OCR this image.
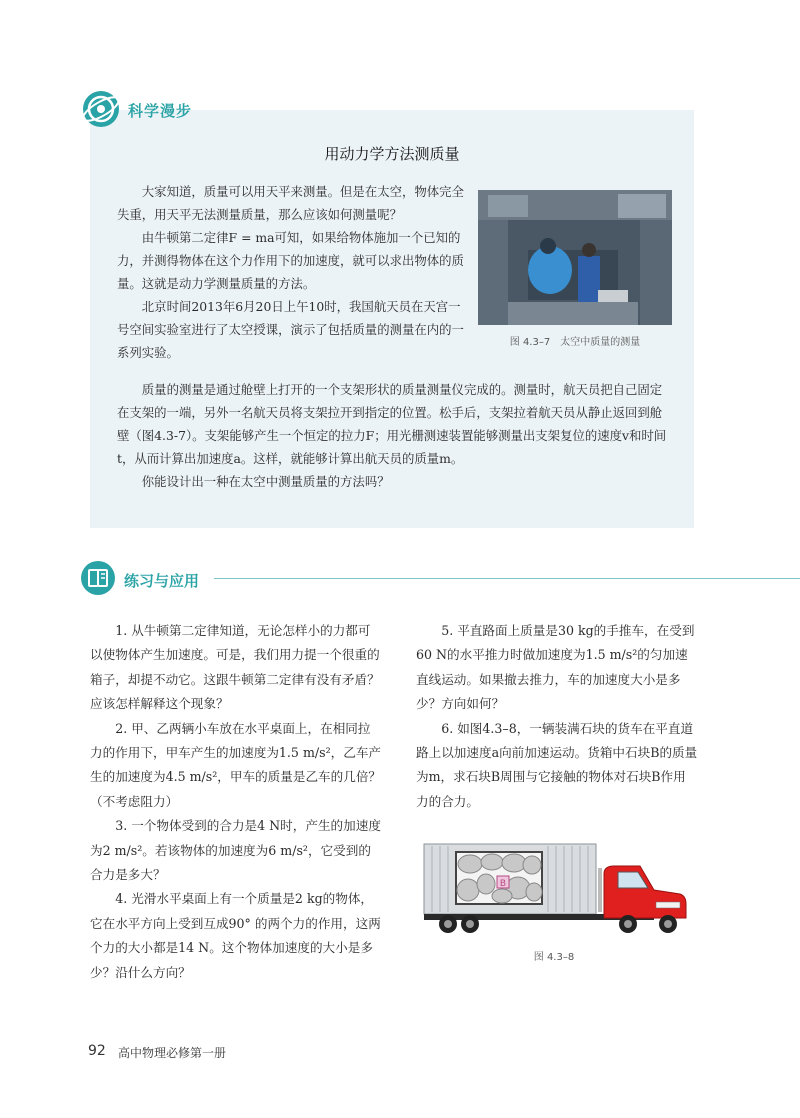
科学漫步
用动力学方法测质量

大家知道，质量可以用天平来测量。但是在太空，物体完全失重，用天平无法测量质量，那么应该如何测量呢？

由牛顿第二定律F = ma可知，如果给物体施加一个已知的力，并测得物体在这个力作用下的加速度，就可以求出物体的质量。这就是动力学测量质量的方法。

北京时间2013年6月20日上午10时，我国航天员在天宫一号空间实验室进行了太空授课，演示了包括质量的测量在内的一系列实验。

图 4.3–7　太空中质量的测量

质量的测量是通过舱壁上打开的一个支架形状的质量测量仪完成的。测量时，航天员把自己固定在支架的一端，另外一名航天员将支架拉开到指定的位置。松手后，支架拉着航天员从静止返回到舱壁（图4.3-7）。支架能够产生一个恒定的拉力F；用光栅测速装置能够测量出支架复位的速度v和时间t，从而计算出加速度a。这样，就能够计算出航天员的质量m。

你能设计出一种在太空中测量质量的方法吗？

练习与应用

1. 从牛顿第二定律知道，无论怎样小的力都可以使物体产生加速度。可是，我们用力提一个很重的箱子，却提不动它。这跟牛顿第二定律有没有矛盾？应该怎样解释这个现象？

2. 甲、乙两辆小车放在水平桌面上，在相同拉力的作用下，甲车产生的加速度为1.5 m/s²，乙车产生的加速度为4.5 m/s²，甲车的质量是乙车的几倍？（不考虑阻力）

3. 一个物体受到的合力是4 N时，产生的加速度为2 m/s²。若该物体的加速度为6 m/s²，它受到的合力是多大？

4. 光滑水平桌面上有一个质量是2 kg的物体，它在水平方向上受到互成90° 的两个力的作用，这两个力的大小都是14 N。这个物体加速度的大小是多少？沿什么方向？

5. 平直路面上质量是30 kg的手推车，在受到60 N的水平推力时做加速度为1.5 m/s²的匀加速直线运动。如果撤去推力，车的加速度大小是多少？方向如何？

6. 如图4.3–8，一辆装满石块的货车在平直道路上以加速度a向前加速运动。货箱中石块B的质量为m，求石块B周围与它接触的物体对石块B作用力的合力。

B
图 4.3–8
92 高中物理必修第一册
